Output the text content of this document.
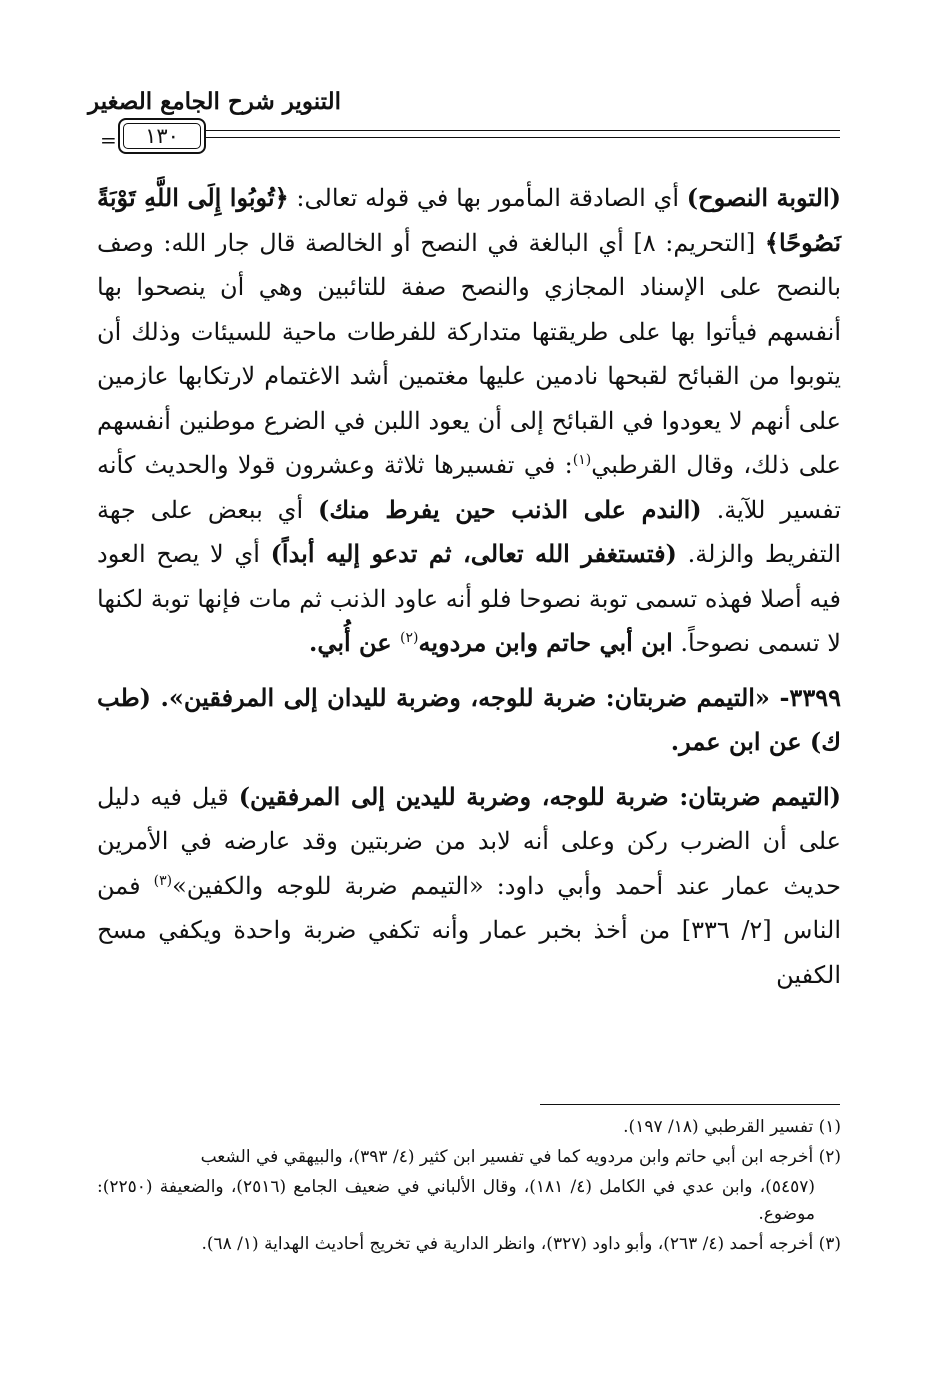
التنوير شرح الجامع الصغير
١٣٠
=

(التوبة النصوح) أي الصادقة المأمور بها في قوله تعالى: ﴿تُوبُوا إِلَى اللَّهِ تَوْبَةً نَصُوحًا﴾ [التحريم: ٨] أي البالغة في النصح أو الخالصة قال جار الله: وصف بالنصح على الإسناد المجازي والنصح صفة للتائبين وهي أن ينصحوا بها أنفسهم فيأتوا بها على طريقتها متداركة للفرطات ماحية للسيئات وذلك أن يتوبوا من القبائح لقبحها نادمين عليها مغتمين أشد الاغتمام لارتكابها عازمين على أنهم لا يعودوا في القبائح إلى أن يعود اللبن في الضرع موطنين أنفسهم على ذلك، وقال القرطبي$^{(١)}$: في تفسيرها ثلاثة وعشرون قولا والحديث كأنه تفسير للآية. (الندم على الذنب حين يفرط منك) أي ببعض على جهة التفريط والزلة. (فتستغفر الله تعالى، ثم تدعو إليه أبداً) أي لا يصح العود فيه أصلا فهذه تسمى توبة نصوحا فلو أنه عاود الذنب ثم مات فإنها توبة لكنها لا تسمى نصوحاً. ابن أبي حاتم وابن مردويه$^{(٢)}$ عن أُبي.

٣٣٩٩- «التيمم ضربتان: ضربة للوجه، وضربة لليدان إلى المرفقين». (طب ك) عن ابن عمر.

(التيمم ضربتان: ضربة للوجه، وضربة لليدين إلى المرفقين) قيل فيه دليل على أن الضرب ركن وعلى أنه لابد من ضربتين وقد عارضه في الأمرين حديث عمار عند أحمد وأبي داود: «التيمم ضربة للوجه والكفين»$^{(٣)}$ فمن الناس [٢/ ٣٣٦] من أخذ بخبر عمار وأنه تكفي ضربة واحدة ويكفي مسح الكفين

(١) تفسير القرطبي (١٨/ ١٩٧).

(٢) أخرجه ابن أبي حاتم وابن مردويه كما في تفسير ابن كثير (٤/ ٣٩٣)، والبيهقي في الشعب

(٥٤٥٧)، وابن عدي في الكامل (٤/ ١٨١)، وقال الألباني في ضعيف الجامع (٢٥١٦)، والضعيفة (٢٢٥٠): موضوع.

(٣) أخرجه أحمد (٤/ ٢٦٣)، وأبو داود (٣٢٧)، وانظر الدارية في تخريج أحاديث الهداية (١/ ٦٨).
